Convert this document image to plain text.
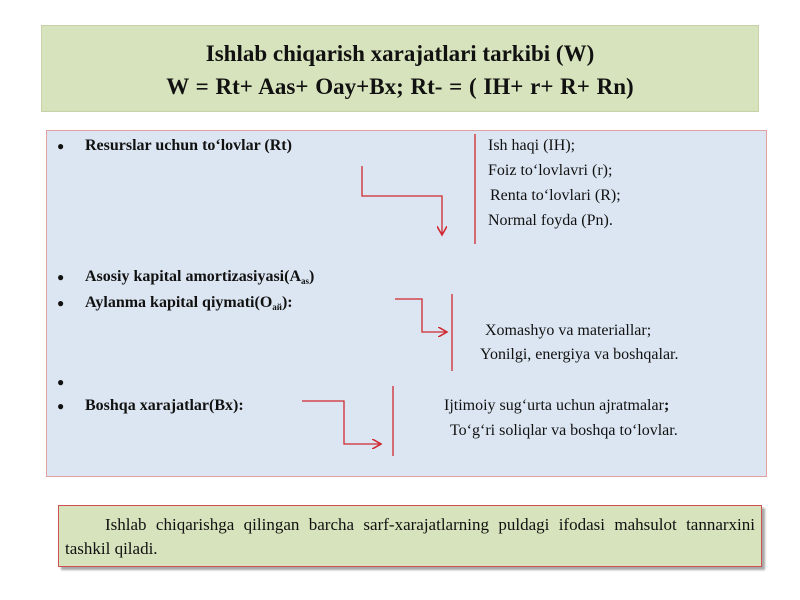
Ishlab chiqarish xarajatlari tarkibi (W)
W = Rt+ Aas+ Oay+Bx; Rt- = ( IH+ r+ R+ Rn)
● Resurslar uchun to‘lovlar (Rt)	Ish haqi (IH);
Foiz to‘lovlavri (r);
Renta to‘lovlari (R);
Normal foyda (Pn).
● Asosiy kapital $amortizasiyasi(A_{as})$
● Aylanma kapital $qiymati(O_{aй})$:
Xomashyo va materiallar;
Yonilgi, energiya va boshqalar.
●
● Boshqa xarajatlar(Bx):	Ijtimoiy sug‘urta uchun ajratmalar;
To‘g‘ri soliqlar va boshqa to‘lovlar.
Ishlab chiqarishga qilingan barcha sarf-xarajatlarning puldagi ifodasi mahsulot tannarxini tashkil qiladi.
